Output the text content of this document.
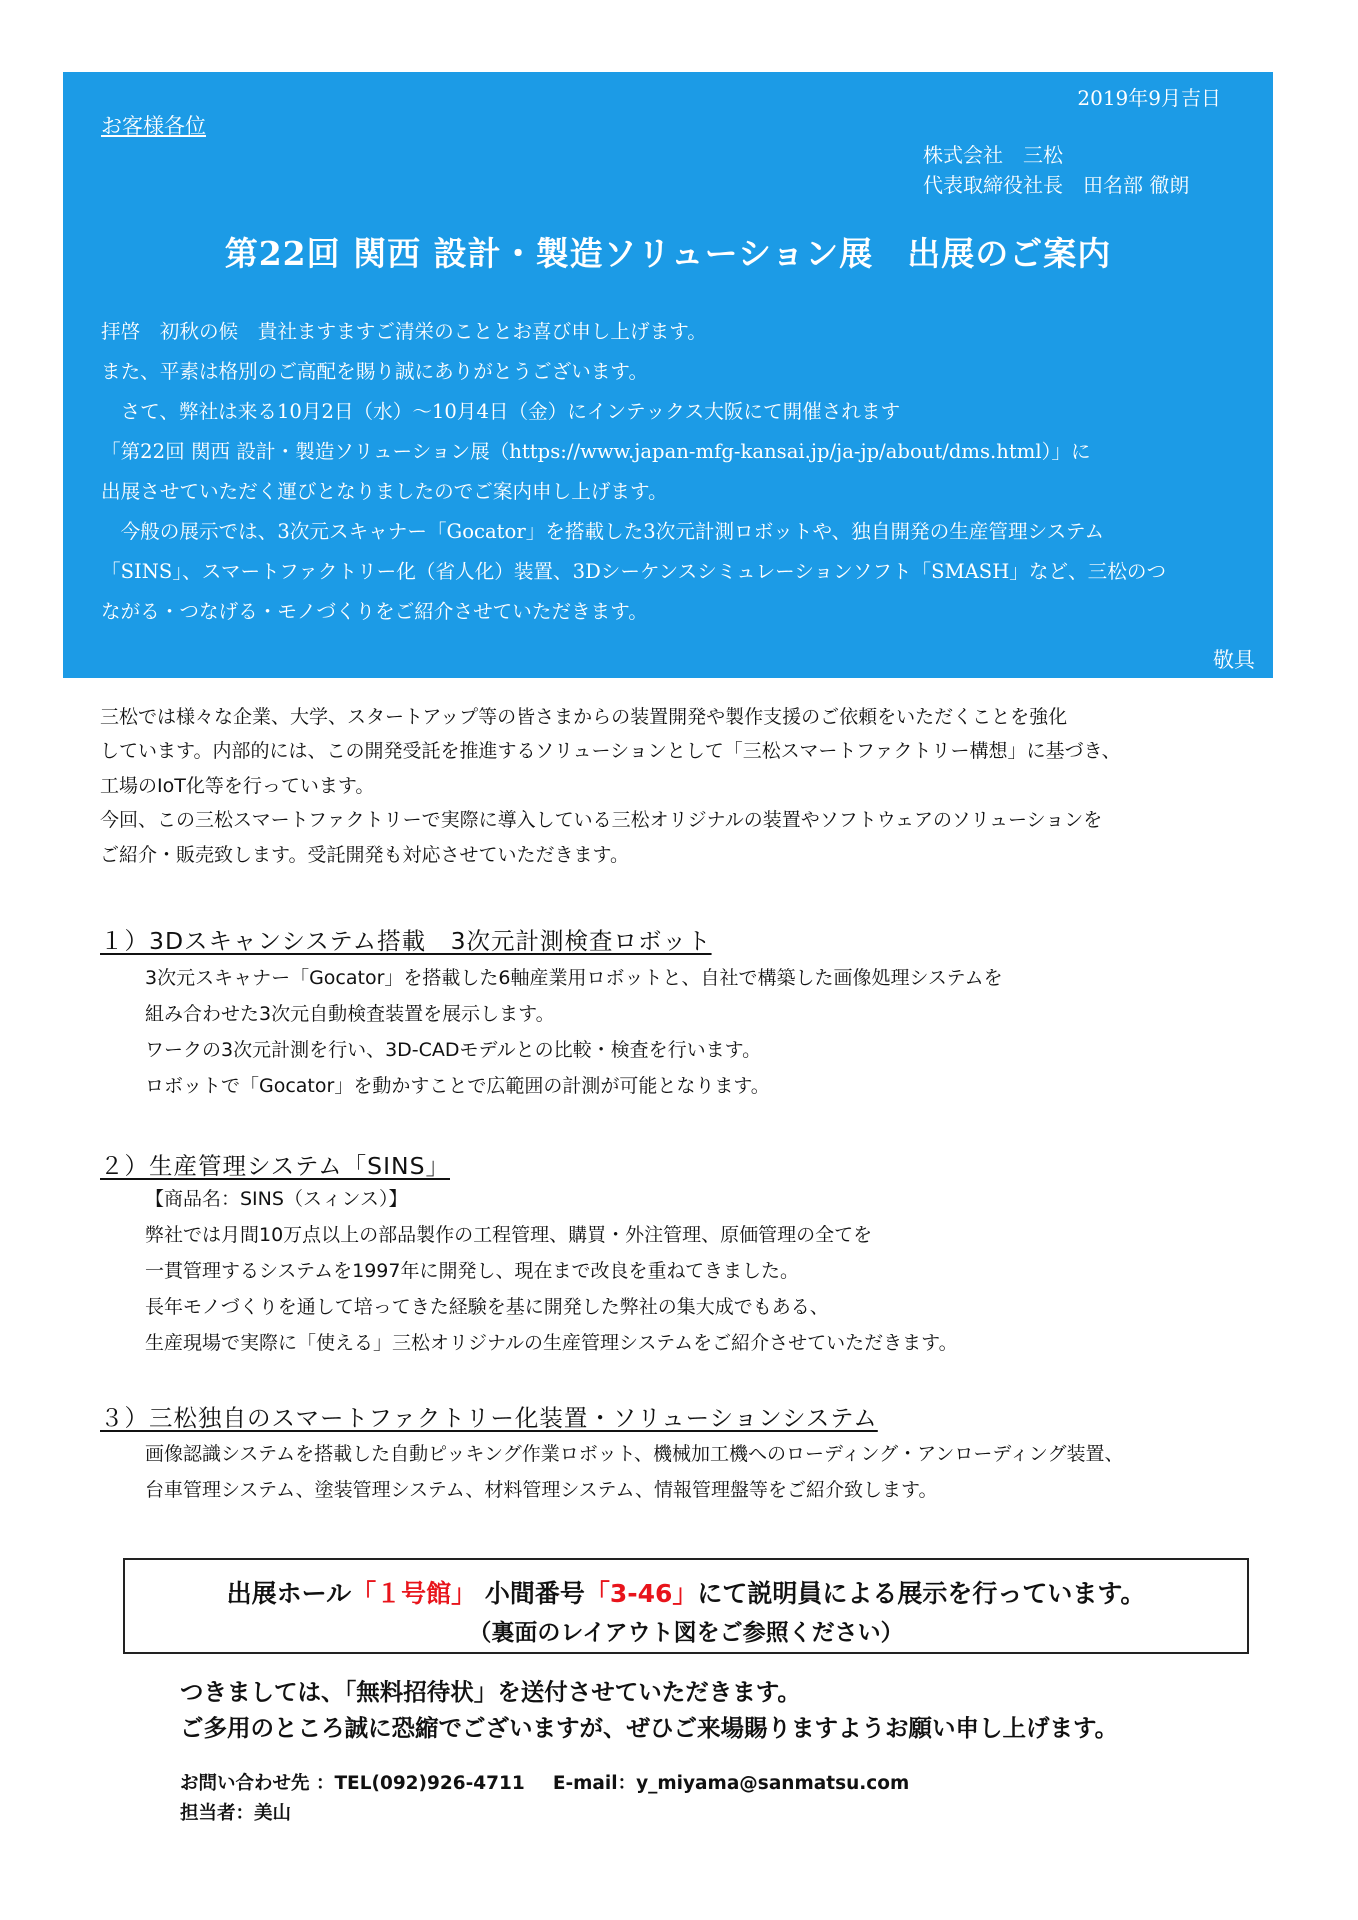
2019年9月吉日
お客様各位
株式会社　三松
代表取締役社長　田名部 徹朗
第22回 関西 設計・製造ソリューション展　出展のご案内

拝啓　初秋の候　貴社ますますご清栄のこととお喜び申し上げます。

また、平素は格別のご高配を賜り誠にありがとうございます。

　さて、弊社は来る10月2日（水）～10月4日（金）にインテックス大阪にて開催されます

「第22回 関西 設計・製造ソリューション展（https://www.japan-mfg-kansai.jp/ja-jp/about/dms.html）」に

出展させていただく運びとなりましたのでご案内申し上げます。

　今般の展示では、3次元スキャナー「Gocator」を搭載した3次元計測ロボットや、独自開発の生産管理システム

「SINS」、スマートファクトリー化（省人化）装置、3Dシーケンスシミュレーションソフト「SMASH」など、三松のつ

ながる・つなげる・モノづくりをご紹介させていただきます。

敬具

三松では様々な企業、大学、スタートアップ等の皆さまからの装置開発や製作支援のご依頼をいただくことを強化

しています。内部的には、この開発受託を推進するソリューションとして「三松スマートファクトリー構想」に基づき、

工場のIoT化等を行っています。

今回、この三松スマートファクトリーで実際に導入している三松オリジナルの装置やソフトウェアのソリューションを

ご紹介・販売致します。受託開発も対応させていただきます。

１）3Dスキャンシステム搭載　3次元計測検査ロボット

3次元スキャナー「Gocator」を搭載した6軸産業用ロボットと、自社で構築した画像処理システムを

組み合わせた3次元自動検査装置を展示します。

ワークの3次元計測を行い、3D-CADモデルとの比較・検査を行います。

ロボットで「Gocator」を動かすことで広範囲の計測が可能となります。

２）生産管理システム「SINS」

【商品名：SINS（スィンス）】

弊社では月間10万点以上の部品製作の工程管理、購買・外注管理、原価管理の全てを

一貫管理するシステムを1997年に開発し、現在まで改良を重ねてきました。

長年モノづくりを通して培ってきた経験を基に開発した弊社の集大成でもある、

生産現場で実際に「使える」三松オリジナルの生産管理システムをご紹介させていただきます。

３）三松独自のスマートファクトリー化装置・ソリューションシステム

画像認識システムを搭載した自動ピッキング作業ロボット、機械加工機へのローディング・アンローディング装置、

台車管理システム、塗装管理システム、材料管理システム、情報管理盤等をご紹介致します。

出展ホール「１号館」 小間番号「3-46」にて説明員による展示を行っています。
（裏面のレイアウト図をご参照ください）

つきましては、「無料招待状」を送付させていただきます。

ご多用のところ誠に恐縮でございますが、ぜひご来場賜りますようお願い申し上げます。

お問い合わせ先 ：TEL(092)926-4711 E-mail：y_miyama@sanmatsu.com

担当者：美山
